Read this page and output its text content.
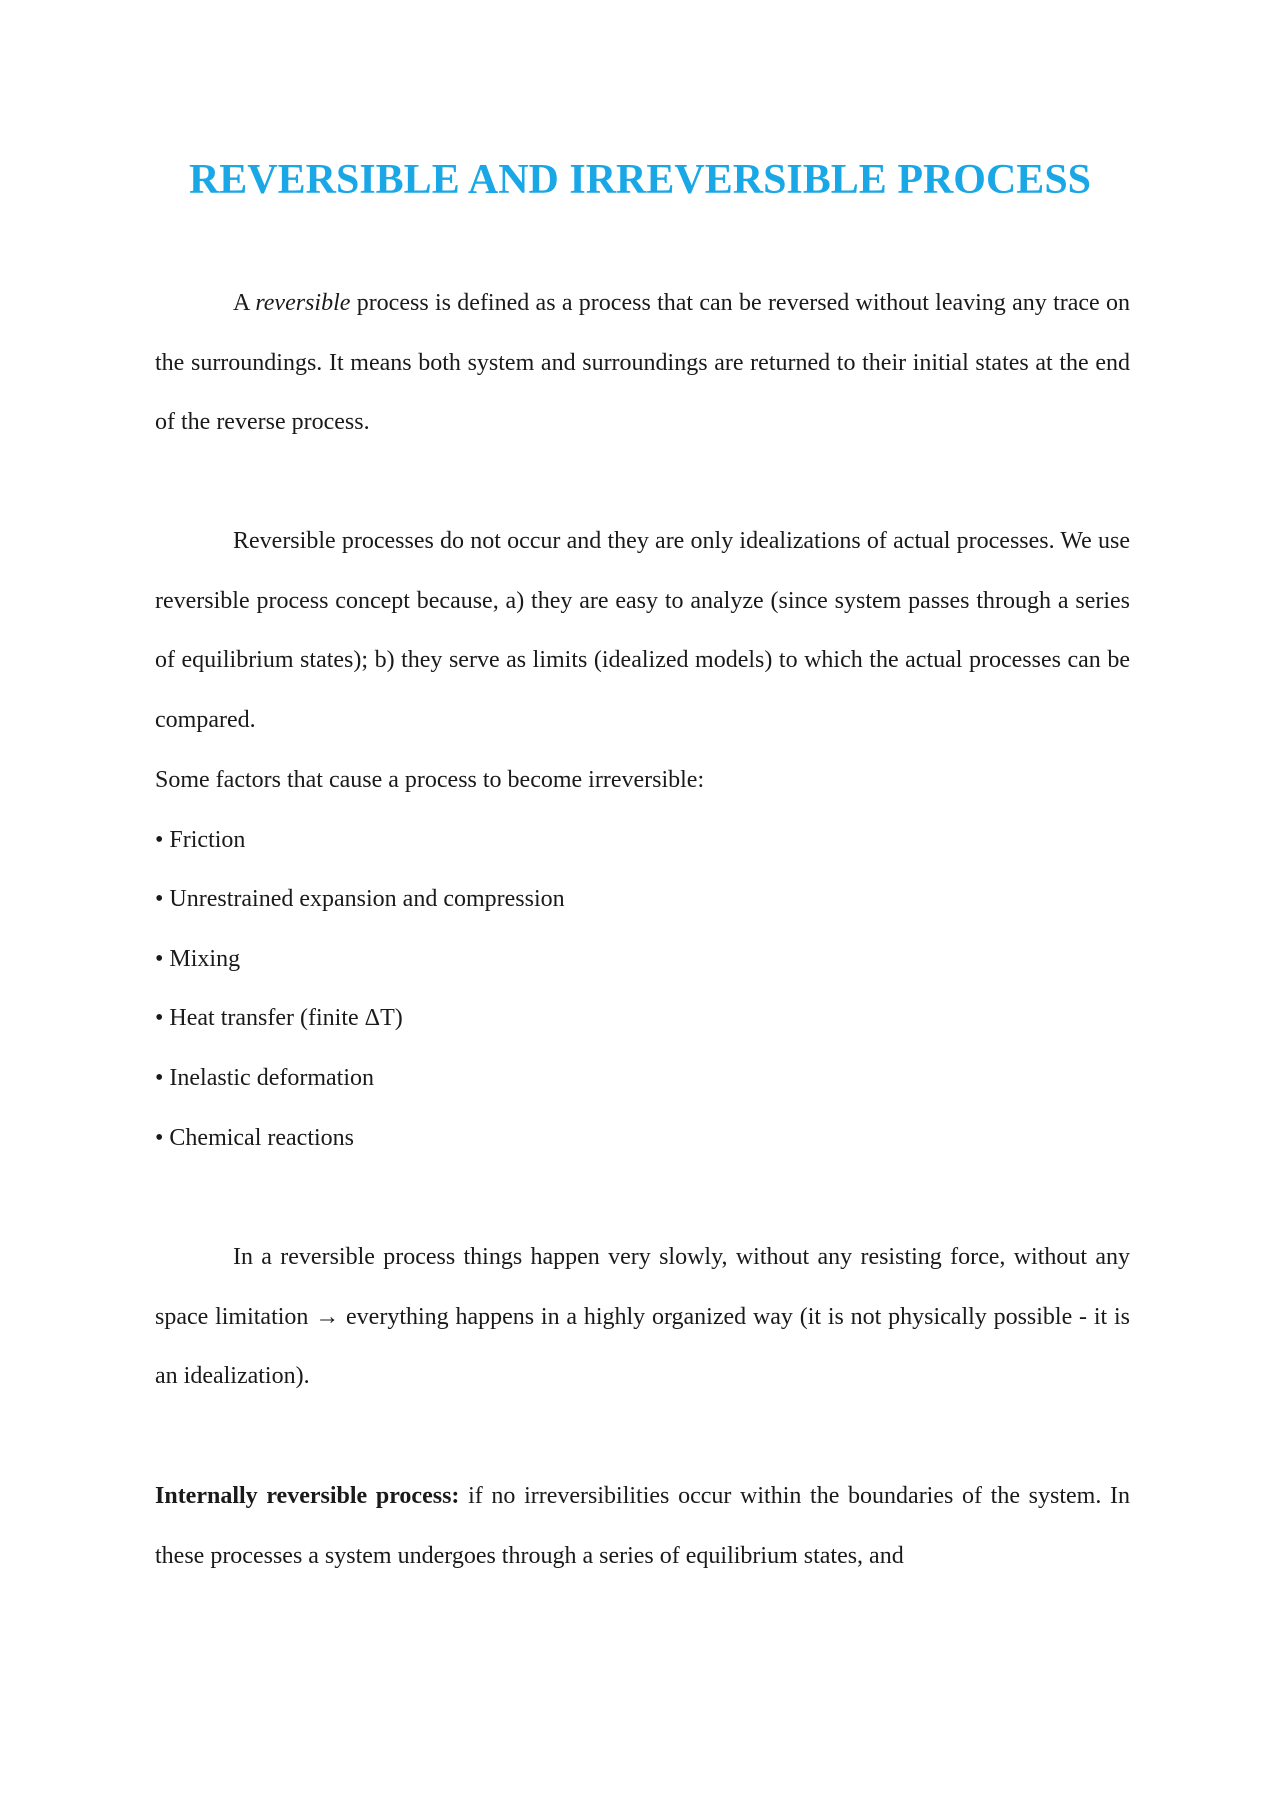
REVERSIBLE AND IRREVERSIBLE PROCESS

A reversible process is defined as a process that can be reversed without leaving any trace on the surroundings. It means both system and surroundings are returned to their initial states at the end of the reverse process.

Reversible processes do not occur and they are only idealizations of actual processes. We use reversible process concept because, a) they are easy to analyze (since system passes through a series of equilibrium states); b) they serve as limits (idealized models) to which the actual processes can be compared.

Some factors that cause a process to become irreversible:
• Friction
• Unrestrained expansion and compression
• Mixing
• Heat transfer (finite ΔT)
• Inelastic deformation
• Chemical reactions

In a reversible process things happen very slowly, without any resisting force, without any space limitation → everything happens in a highly organized way (it is not physically possible - it is an idealization).

Internally reversible process: if no irreversibilities occur within the boundaries of the system. In these processes a system undergoes through a series of equilibrium states, and
